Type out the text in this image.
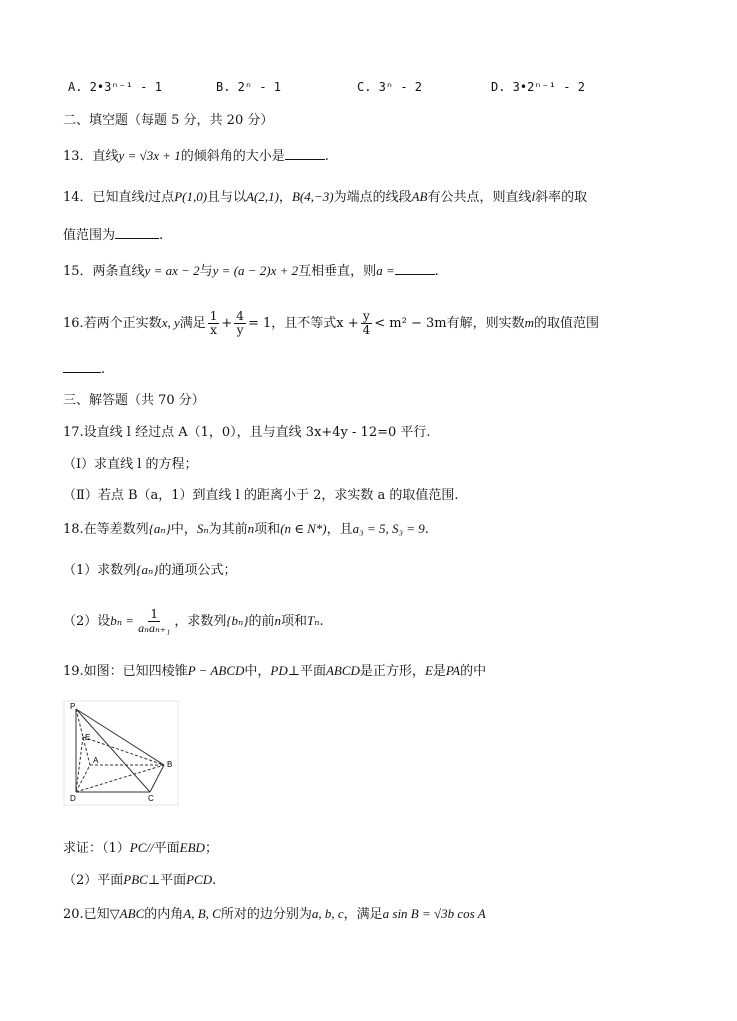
A. 2•3ⁿ⁻¹ - 1	B. 2ⁿ - 1	C. 3ⁿ - 2	D. 3•2ⁿ⁻¹ - 2
二、填空题（每题 5 分，共 20 分）
13．直线y = √3x + 1的倾斜角的大小是	.
14．已知直线l过点P(1,0)且与以A(2,1)，B(4,−3)为端点的线段AB有公共点，则直线l斜率的取
值范围为	.
15．两条直线y = ax − 2与y = (a − 2)x + 2互相垂直，则a =	.
16.若两个正实数x, y满足 $\frac{1}{x} + \frac{4}{y} = 1$，且不等式$x + \frac{y}{4} < m^2 - 3m$有解，则实数m的取值范围
.
三、解答题（共 70 分）
17.设直线 l 经过点 A（1，0），且与直线 3x+4y - 12=0 平行.
（Ⅰ）求直线 l 的方程；
（Ⅱ）若点 B（a，1）到直线 l 的距离小于 2，求实数 a 的取值范围.
18.在等差数列{aₙ}中，Sₙ为其前n项和(n ∈ N*)，且a₃ = 5, S₃ = 9.
（1）求数列{aₙ}的通项公式；
（2）设$b_n = \frac{1}{\text{aₙaₙ₊₁}}$ ，求数列{bₙ}的前n项和Tₙ.
19.如图：已知四棱锥P − ABCD中，PD⊥平面ABCD是正方形，E是PA的中
P
E
A	B
D	C
求证：（1）PC//平面EBD；
（2）平面PBC⊥平面PCD.
20.已知▽ABC的内角A, B, C所对的边分别为a, b, c，满足a sin B = √3b cos A
